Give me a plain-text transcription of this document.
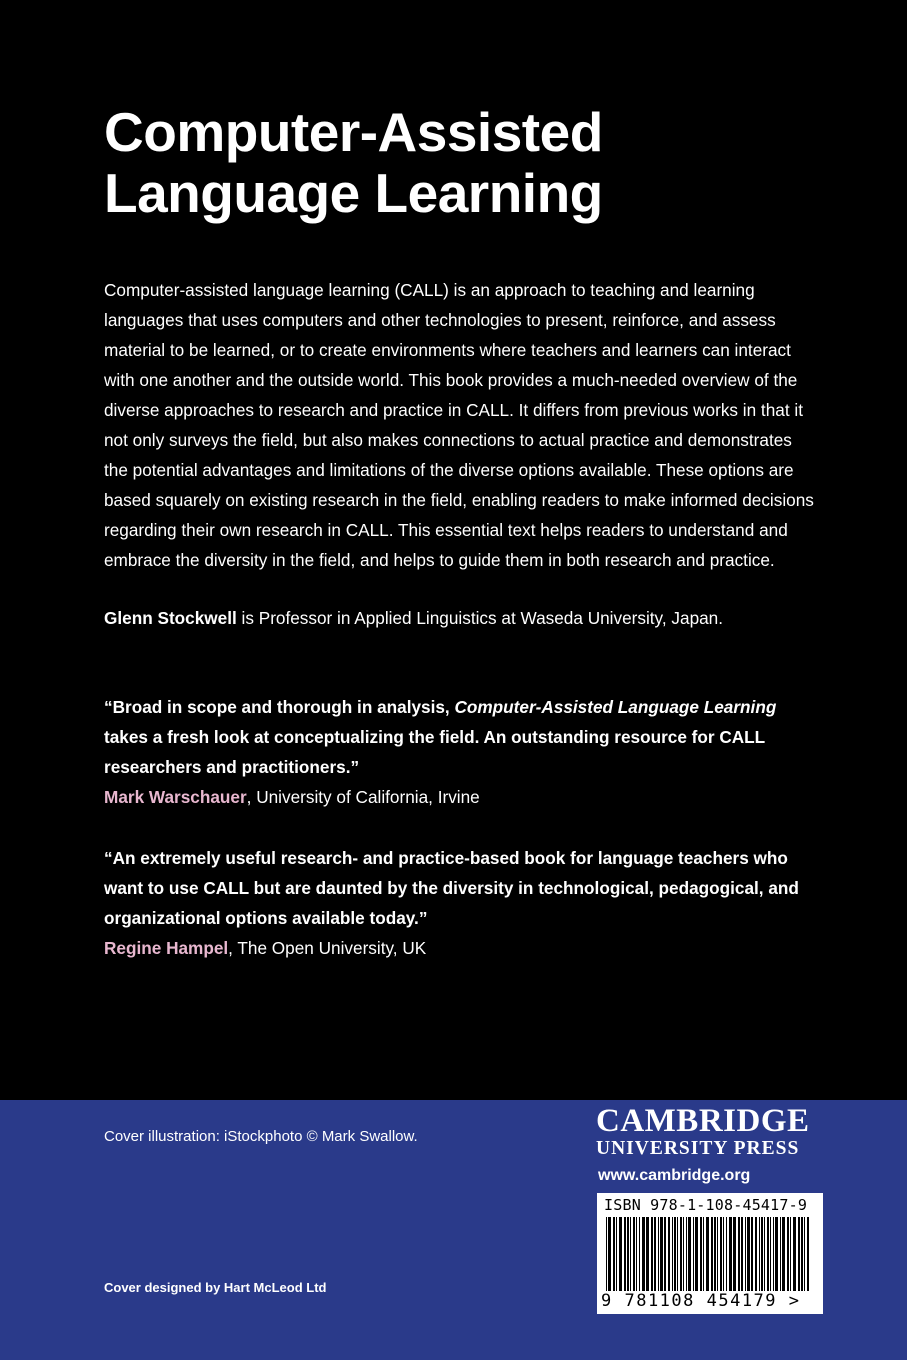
Computer-Assisted
Language Learning

Computer-assisted language learning (CALL) is an approach to teaching and learning languages that uses computers and other technologies to present, reinforce, and assess material to be learned, or to create environments where teachers and learners can interact with one another and the outside world. This book provides a much-needed overview of the diverse approaches to research and practice in CALL. It differs from previous works in that it not only surveys the field, but also makes connections to actual practice and demonstrates the potential advantages and limitations of the diverse options available. These options are based squarely on existing research in the field, enabling readers to make informed decisions regarding their own research in CALL. This essential text helps readers to understand and embrace the diversity in the field, and helps to guide them in both research and practice.

Glenn Stockwell is Professor in Applied Linguistics at Waseda University, Japan.

“Broad in scope and thorough in analysis, Computer-Assisted Language Learning takes a fresh look at conceptualizing the field. An outstanding resource for CALL researchers and practitioners.”
Mark Warschauer, University of California, Irvine

“An extremely useful research- and practice-based book for language teachers who want to use CALL but are daunted by the diversity in technological, pedagogical, and organizational options available today.”
Regine Hampel, The Open University, UK

Cover illustration: iStockphoto © Mark Swallow.

Cover designed by Hart McLeod Ltd

CAMBRIDGE
UNIVERSITY PRESS
www.cambridge.org
ISBN 978-1-108-45417-9
9 781108 454179 >
